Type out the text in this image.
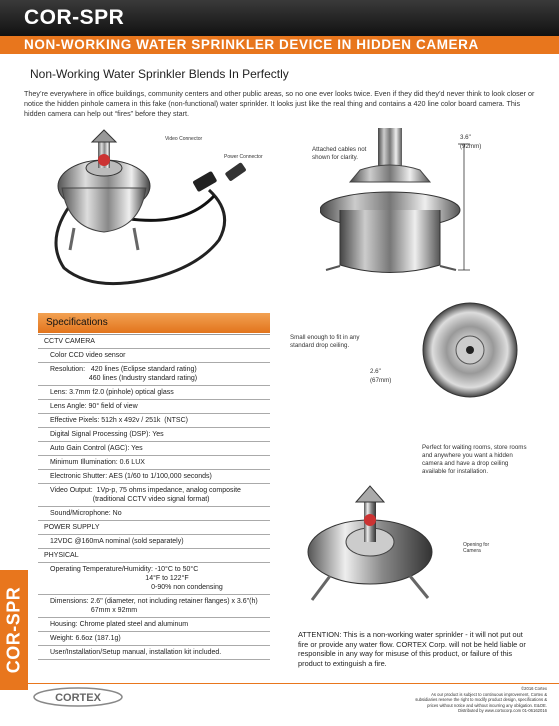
COR-SPR
NON-WORKING WATER SPRINKLER DEVICE IN HIDDEN CAMERA
Non-Working Water Sprinkler Blends In Perfectly
They’re everywhere in office buildings, community centers and other public areas, so no one ever looks twice. Even if they did they’d never think to look closer or notice the hidden pinhole camera in this fake (non-functional) water sprinkler. It looks just like the real thing and contains a 420 line color board camera. This hidden camera can help out “fires” before they start.
Video Connector
Power Connector
Attached cables not shown for clarity.
3.6"
(92mm)
Small enough to fit in any standard drop ceiling.
2.6"
(67mm)
Perfect for waiting rooms, store rooms and anywhere you want a hidden camera and have a drop ceiling available for installation.
Opening for Camera
Specifications
CCTV CAMERA
Color CCD video sensor
Resolution:   420 lines (Eclipse standard rating)
460 lines (Industry standard rating)
Lens: 3.7mm f2.0 (pinhole) optical glass
Lens Angle: 90° field of view
Effective Pixels: 512h x 492v / 251k  (NTSC)
Digital Signal Processing (DSP): Yes
Auto Gain Control (AGC): Yes
Minimum Illumination: 0.6 LUX
Electronic Shutter: AES (1/60 to 1/100,000 seconds)
Video Output:  1Vp-p, 75 ohms impedance, analog composite
(traditional CCTV video signal format)
Sound/Microphone: No
POWER SUPPLY
12VDC @160mA nominal (sold separately)
PHYSICAL
Operating Temperature/Humidity: -10°C to 50°C
14°F to 122°F
0-90% non condensing
Dimensions: 2.6" (diameter, not including retainer flanges) x 3.6"(h)
67mm x 92mm
Housing: Chrome plated steel and aluminum
Weight: 6.6oz (187.1g)
User/Installation/Setup manual, installation kit included.
COR-SPR	ATTENTION: This is a non-working water sprinkler - it will not put out fire or provide any water flow. CORTEX Corp. will not be held liable or responsible in any way for misuse of this product, or failure of this product to extinguish a fire.
CORTEX
©2016 Cortex
As our product is subject to continuous improvement, Cortex &
subsidiaries reserve the right to modify product design, specifications &
prices without notice and without incurring any obligation. E&OE.
Distributed by www.cortxcorp.com 01-06162016
